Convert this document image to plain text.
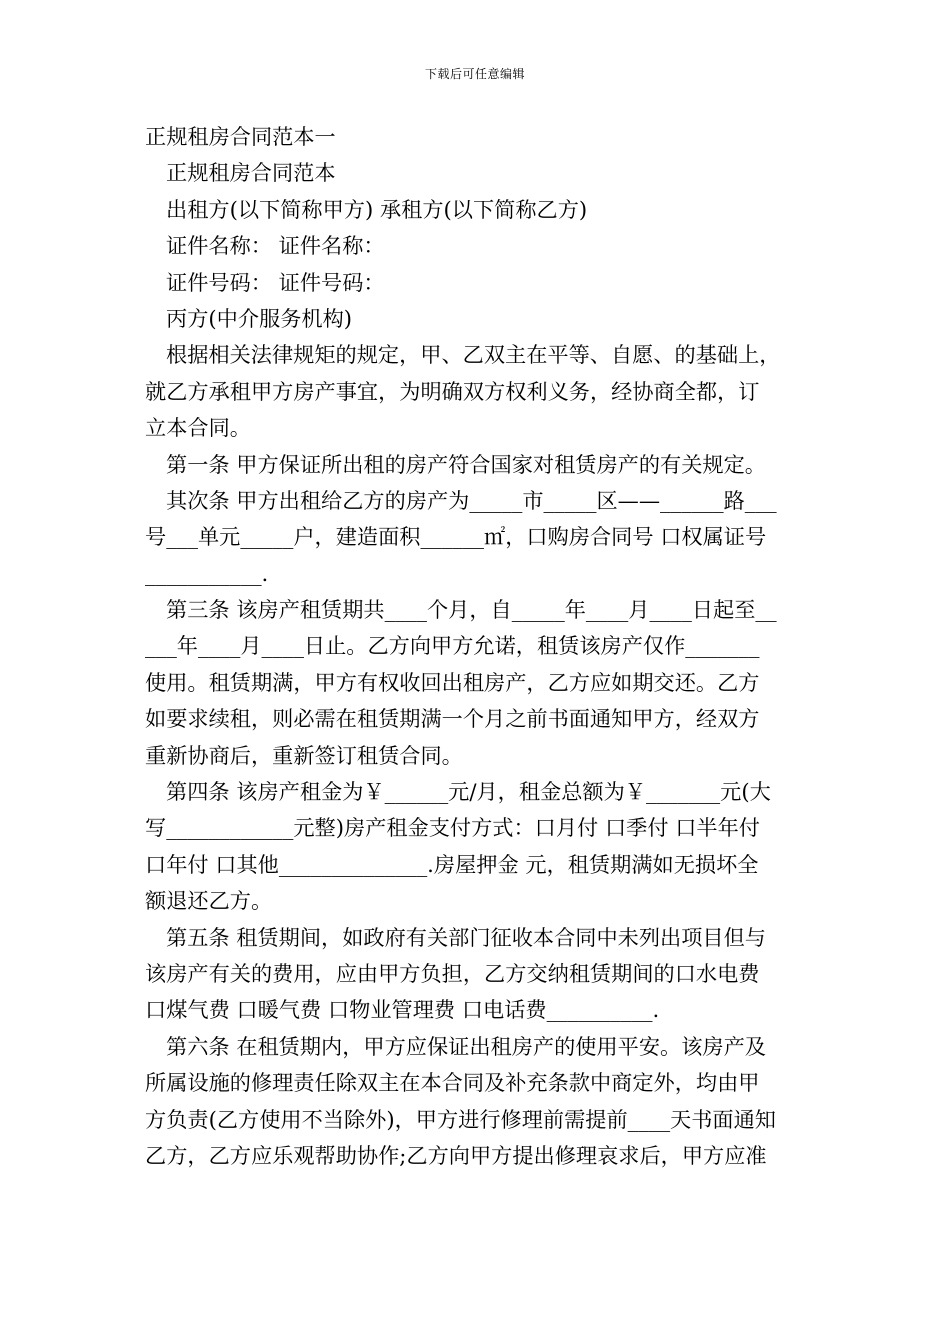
下载后可任意编辑
正规租房合同范本一
正规租房合同范本
出租方(以下简称甲方) 承租方(以下简称乙方)
证件名称： 证件名称：
证件号码： 证件号码：
丙方(中介服务机构)
根据相关法律规矩的规定，甲、乙双主在平等、自愿、的基础上，
就乙方承租甲方房产事宜，为明确双方权利义务，经协商全都，订
立本合同。
第一条 甲方保证所出租的房产符合国家对租赁房产的有关规定。
其次条 甲方出租给乙方的房产为_____市_____区——______路___
号___单元_____户，建造面积______㎡，口购房合同号 口权属证号
___________.
第三条 该房产租赁期共____个月，自_____年____月____日起至__
___年____月____日止。乙方向甲方允诺，租赁该房产仅作_______
使用。租赁期满，甲方有权收回出租房产，乙方应如期交还。乙方
如要求续租，则必需在租赁期满一个月之前书面通知甲方，经双方
重新协商后，重新签订租赁合同。
第四条 该房产租金为￥______元/月，租金总额为￥_______元(大
写____________元整)房产租金支付方式：口月付 口季付 口半年付
口年付 口其他______________.房屋押金 元，租赁期满如无损坏全
额退还乙方。
第五条 租赁期间，如政府有关部门征收本合同中未列出项目但与
该房产有关的费用，应由甲方负担，乙方交纳租赁期间的口水电费
口煤气费 口暖气费 口物业管理费 口电话费__________.
第六条 在租赁期内，甲方应保证出租房产的使用平安。该房产及
所属设施的修理责任除双主在本合同及补充条款中商定外，均由甲
方负责(乙方使用不当除外)，甲方进行修理前需提前____天书面通知
乙方，乙方应乐观帮助协作;乙方向甲方提出修理哀求后，甲方应准
